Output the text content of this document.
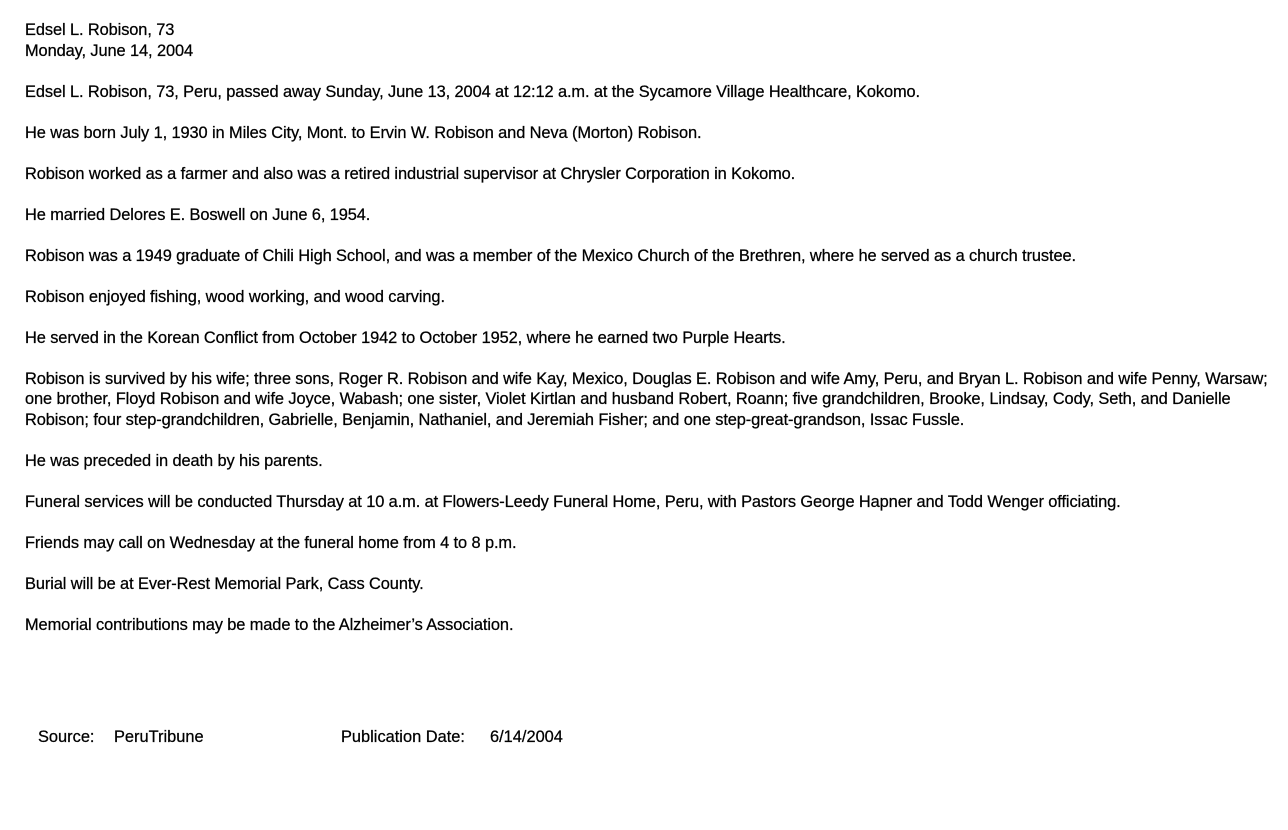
Edsel L. Robison, 73
Monday, June 14, 2004

Edsel L. Robison, 73, Peru, passed away Sunday, June 13, 2004 at 12:12 a.m. at the Sycamore Village Healthcare, Kokomo.

He was born July 1, 1930 in Miles City, Mont. to Ervin W. Robison and Neva (Morton) Robison.

Robison worked as a farmer and also was a retired industrial supervisor at Chrysler Corporation in Kokomo.

He married Delores E. Boswell on June 6, 1954.

Robison was a 1949 graduate of Chili High School, and was a member of the Mexico Church of the Brethren, where he served as a church trustee.

Robison enjoyed fishing, wood working, and wood carving.

He served in the Korean Conflict from October 1942 to October 1952, where he earned two Purple Hearts.

Robison is survived by his wife; three sons, Roger R. Robison and wife Kay, Mexico, Douglas E. Robison and wife Amy, Peru, and Bryan L. Robison and wife Penny, Warsaw; one brother, Floyd Robison and wife Joyce, Wabash; one sister, Violet Kirtlan and husband Robert, Roann; five grandchildren, Brooke, Lindsay, Cody, Seth, and Danielle Robison; four step-grandchildren, Gabrielle, Benjamin, Nathaniel, and Jeremiah Fisher; and one step-great-grandson, Issac Fussle.

He was preceded in death by his parents.

Funeral services will be conducted Thursday at 10 a.m. at Flowers-Leedy Funeral Home, Peru, with Pastors George Hapner and Todd Wenger officiating.

Friends may call on Wednesday at the funeral home from 4 to 8 p.m.

Burial will be at Ever-Rest Memorial Park, Cass County.

Memorial contributions may be made to the Alzheimer’s Association.

Source:

PeruTribune

	Publication Date:

6/14/2004
